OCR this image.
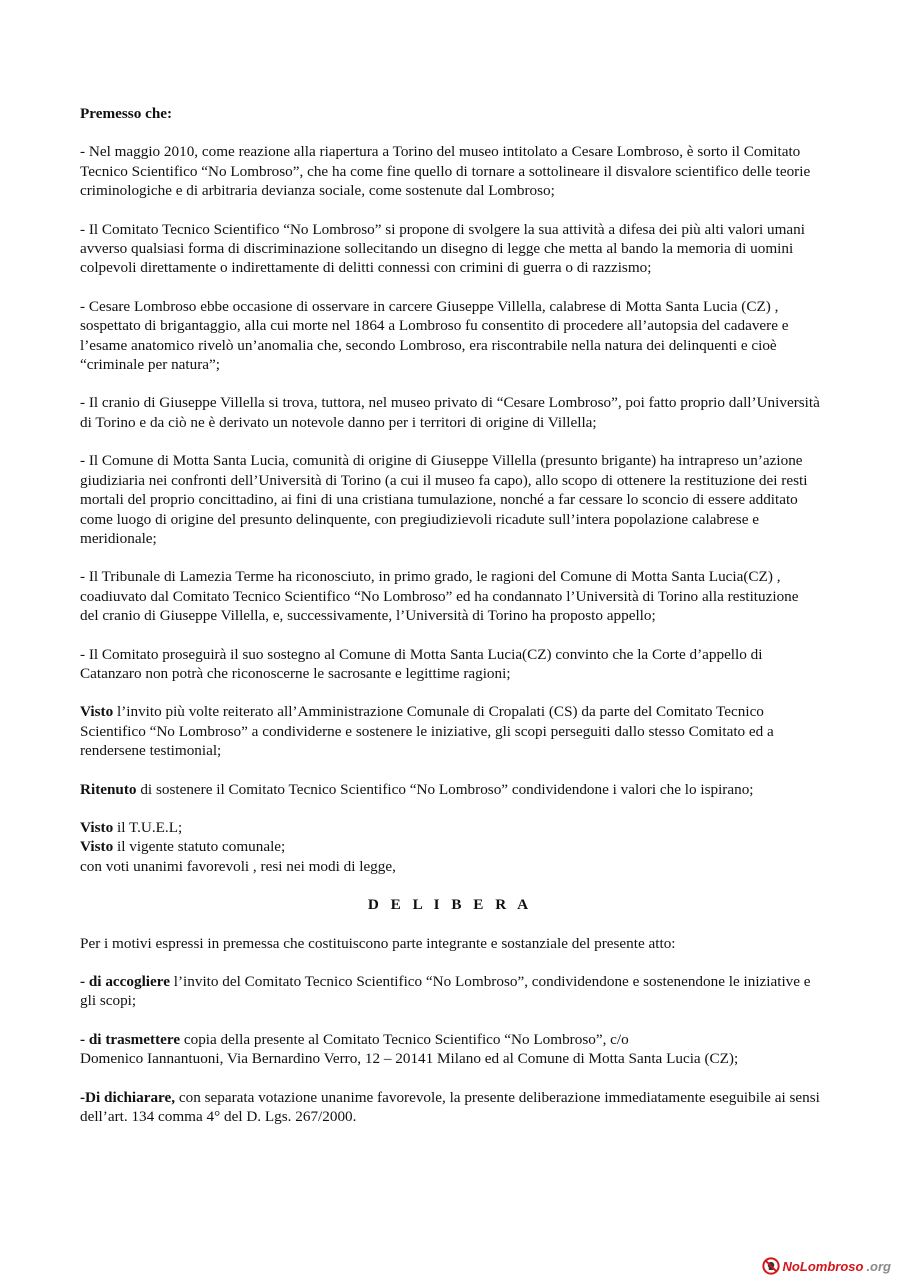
Premesso che:

- Nel maggio 2010, come reazione alla riapertura a Torino del museo intitolato a Cesare Lombroso, è sorto il Comitato Tecnico Scientifico “No Lombroso”, che ha come fine quello di tornare a sottolineare il disvalore scientifico delle teorie criminologiche e di arbitraria devianza sociale, come sostenute dal Lombroso;

- Il Comitato Tecnico Scientifico “No Lombroso” si propone di svolgere la sua attività a difesa dei più alti valori umani avverso qualsiasi forma di discriminazione sollecitando un disegno di legge che metta al bando la memoria di uomini colpevoli direttamente o indirettamente di delitti connessi con crimini di guerra o di razzismo;

- Cesare Lombroso ebbe occasione di osservare in carcere Giuseppe Villella, calabrese di Motta Santa Lucia (CZ) , sospettato di brigantaggio, alla cui morte nel 1864 a Lombroso fu consentito di procedere all’autopsia del cadavere e l’esame anatomico rivelò un’anomalia che, secondo Lombroso, era riscontrabile nella natura dei delinquenti e cioè “criminale per natura”;

- Il cranio di Giuseppe Villella si trova, tuttora, nel museo privato di “Cesare Lombroso”, poi fatto proprio dall’Università di Torino e da ciò ne è derivato un notevole danno per i territori di origine di Villella;

- Il Comune di Motta Santa Lucia, comunità di origine di Giuseppe Villella (presunto brigante) ha intrapreso un’azione giudiziaria nei confronti dell’Università di Torino (a cui il museo fa capo), allo scopo di ottenere la restituzione dei resti mortali del proprio concittadino, ai fini di una cristiana tumulazione, nonché a far cessare lo sconcio di essere additato come luogo di origine del presunto delinquente, con pregiudizievoli ricadute sull’intera popolazione calabrese e meridionale;

- Il Tribunale di Lamezia Terme ha riconosciuto, in primo grado, le ragioni del Comune di Motta Santa Lucia(CZ) , coadiuvato dal Comitato Tecnico Scientifico “No Lombroso” ed ha condannato l’Università di Torino alla restituzione del cranio di Giuseppe Villella, e, successivamente, l’Università di Torino ha proposto appello;

- Il Comitato proseguirà il suo sostegno al Comune di Motta Santa Lucia(CZ) convinto che la Corte d’appello di Catanzaro non potrà che riconoscerne le sacrosante e legittime ragioni;

Visto l’invito più volte reiterato all’Amministrazione Comunale di Cropalati (CS) da parte del Comitato Tecnico Scientifico “No Lombroso” a condividerne e sostenere le iniziative, gli scopi perseguiti dallo stesso Comitato ed a rendersene testimonial;

Ritenuto di sostenere il Comitato Tecnico Scientifico “No Lombroso” condividendone i valori che lo ispirano;

Visto il T.U.E.L;

Visto il vigente statuto comunale;

con voti unanimi favorevoli , resi nei modi di legge,

D E L I B E R A

Per i motivi espressi in premessa che costituiscono parte integrante e sostanziale del presente atto:

- di accogliere l’invito del Comitato Tecnico Scientifico “No Lombroso”, condividendone e sostenendone le iniziative e gli scopi;

- di trasmettere copia della presente al Comitato Tecnico Scientifico “No Lombroso”, c/o
Domenico Iannantuoni, Via Bernardino Verro, 12 – 20141 Milano ed al Comune di Motta Santa Lucia (CZ);

-Di dichiarare, con separata votazione unanime favorevole, la presente deliberazione immediatamente eseguibile ai sensi dell’art. 134 comma 4° del D. Lgs. 267/2000.

NoLombroso .org
